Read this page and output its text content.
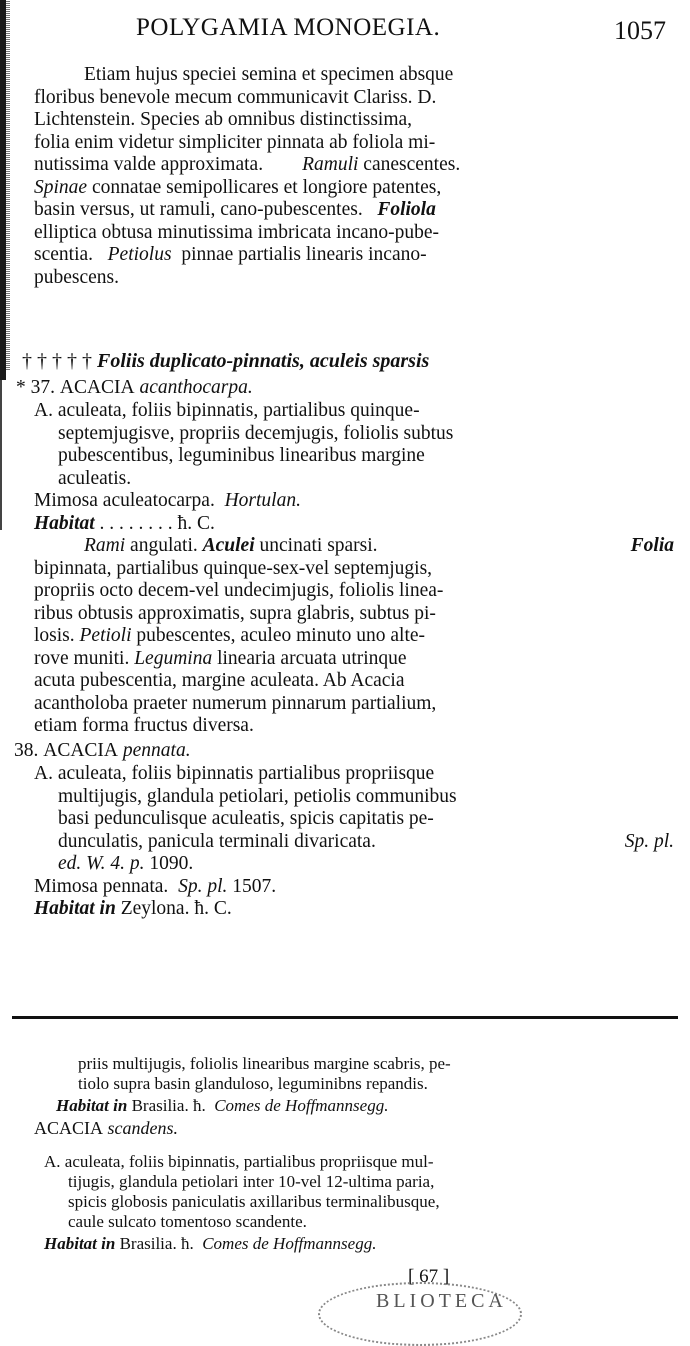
POLYGAMIA MONOEGIA.	1057
Etiam hujus speciei semina et specimen absque
floribus benevole mecum communicavit Clariss. D.
Lichtenstein. Species ab omnibus distinctissima,
folia enim videtur simpliciter pinnata ab foliola mi-
nutissima valde approximata.
Ramuli
canescentes.
Spinae
connatae semipollicares et longiore patentes,
basin versus, ut ramuli, cano-pubescentes.
Foliola
elliptica obtusa minutissima imbricata incano-pube-
scentia.
Petiolus
pinnae partialis linearis incano-
pubescens.
† † † † †
Foliis duplicato-pinnatis, aculeis sparsis
*
37.
ACACIA
acanthocarpa.
A. aculeata, foliis bipinnatis, partialibus quinque-
septemjugisve, propriis decemjugis, foliolis subtus
pubescentibus, leguminibus linearibus margine
aculeatis.
Mimosa aculeatocarpa.
Hortulan.
Habitat
. . . . . . . . ħ. C.
Rami angulati. Aculei uncinati sparsi.	Folia
bipinnata, partialibus quinque-sex-vel septemjugis,
propriis octo decem-vel undecimjugis, foliolis linea-
ribus obtusis approximatis, supra glabris, subtus pi-
losis. Petioli pubescentes, aculeo minuto uno alte-
rove muniti. Legumina linearia arcuata utrinque
acuta pubescentia, margine aculeata. Ab Acacia
acantholoba praeter numerum pinnarum partialium,
etiam forma fructus diversa.
38.
ACACIA
pennata.
A. aculeata, foliis bipinnatis partialibus propriisque
multijugis, glandula petiolari, petiolis communibus
basi pedunculisque aculeatis, spicis capitatis pe-
dunculatis, panicula terminali divaricata.	Sp. pl.
ed. W. 4. p.
1090.
Mimosa pennata.
Sp. pl.
1507.
Habitat in
Zeylona. ħ. C.
priis multijugis, foliolis linearibus margine scabris, pe-
tiolo supra basin glanduloso, leguminibns repandis.
Habitat in
Brasilia. ħ.
Comes de Hoffmannsegg.
ACACIA
scandens.
A. aculeata, foliis bipinnatis, partialibus propriisque mul-
tijugis, glandula petiolari inter 10-vel 12-ultima paria,
spicis globosis paniculatis axillaribus terminalibusque,
caule sulcato tomentoso scandente.
Habitat in
Brasilia. ħ.
Comes de Hoffmannsegg.
[ 67 ]
BLIOTECA
